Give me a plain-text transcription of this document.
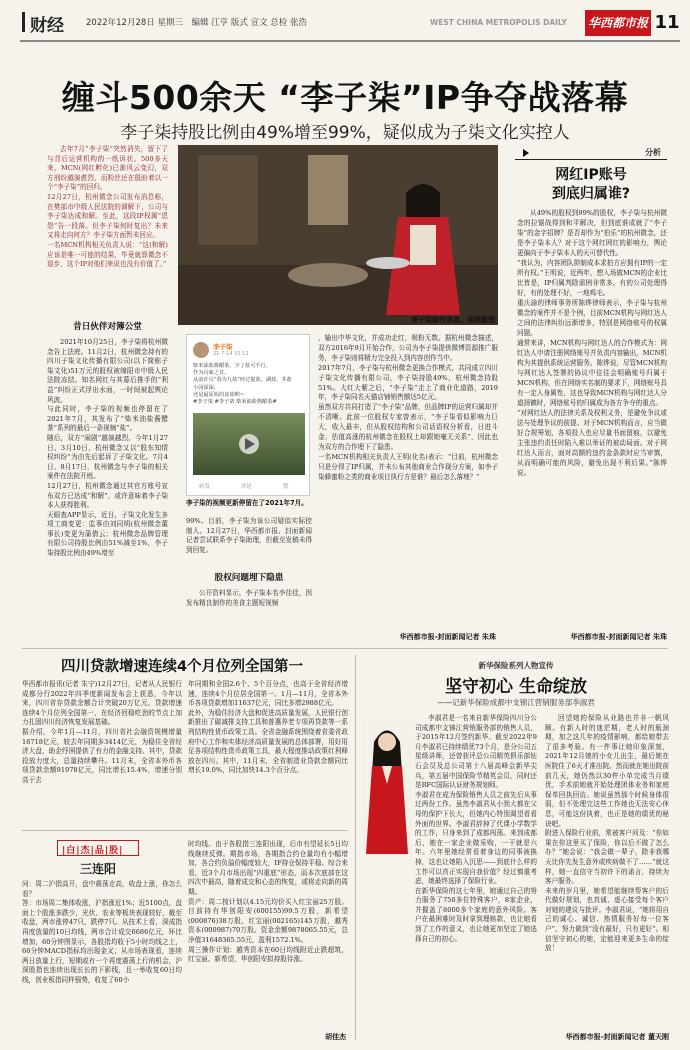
财经	2022年12月28日 星期三　编辑 江亨 版式 宣文 总检 张浩	WEST CHINA METROPOLIS DAILY 华西都市报 11
缠斗500余天 “李子柒”IP争夺战落幕
李子柒持股比例由49%增至99%，疑似成为子柒文化实控人
去年7月“李子柒”突然消失，留下了与背后运营机构的一纸诉状。500多天来，MCN(网红孵化)已渐风云变幻，双方刑纷越演愈烈，而粉丝还在殷盼着以一个“李子柒”的回归。
12月27日，杭州微念公司发布消息称，在樊部市中级人民法院的调解下，公司与李子柒达成和解。至此，这段IP权属“恩怨”告一段落。但李子柒何时复出？未来又将走向何方？李子柒方面暂未回应。
一名MCN机构相关负责人说：“这(和解)应该是唯一可能的结果，毕竟就算微念不退步，这个IP对他们来说也没有价值了。”
昔日伙伴对簿公堂
2021年10月25日，李子柒将杭州微念告上法庭。11月2日，杭州微念持有的四川子柒文化传播有限公司(以下简称子柒文化)51万元的股权被绵阳市中级人民法院冻结。知名网红与其幕后推手的“利益”纠纷正式浮出水面，一时间被起舆论风波。
与此同时，李子柒的视频也停留在了2021年7月，其发布了“柴米油盐酱醋茶”系列的最后一条视频“盐”。
随后，双方“闹剧”越演越烈。今年1月27日、3月10日，杭州微念又以“股东知情权纠纷”为由先后起诉了子柒文化。7月4日、8月17日，杭州微念与李子柒的相关案件在法院开庭。
12月27日，杭州微念通过其官方账号宣布双方已达成“和解”，或许意味着李子柒本人获得胜利。
天眼查APP显示，近日，子柒文化发生多项工商变更：监事由刘同明(杭州微念董事长)变更为蒲倩云；杭州微念品牌管理有限公司持股比例由51%减至1%，李子柒持股比例由49%增至
李子柒制作美食。视频截图
李子柒
21-7-14 15:12
柴米油盐酱醋茶，少了盐可不行。
作为百味之首，
从前许尽“春为九盐”经过提盐，湖盐，井盐
小园深深，
还是最原始的食盐哟~
#李子柒 #李子柒 柴米油盐酱醋茶#
转发	评论	赞
李子柒的视频更新停留在了2021年7月。
99%。目前，李子柒为该公司疑似实际控制人。12月27日，华西都市报、封面新闻记者尝试联系李子柒助理，但截至发稿未得到回复。
股权问题埋下隐患
公开资料显示，李子柒本名李佳佳，因发布精良制作的美食主题短视频
，输出中华文化，并成功走红，吸粉无数。据杭州微念描述，双方2016年9月开始合作，公司为李子柒提供微博资源推广服务，李子柒则将精力完全投入到内容创作当中。
2017年7月，李子柒与杭州微念更换合作模式，共同成立四川子柒文化传播有限公司，李子柒持股49%，杭州微念持股51%。大红大紫之后，“李子柒”走上了商业化道路，2019年，李子柒同名天猫店铺销售额达5亿元。
虽然双方共同打造了“李子柒”品牌，但品牌IP的运营归属却并不清晰。此前一位股权专家曾表示，“李子柒看似影响力巨大，收入最丰，但从股权结构和公司话语权分析看，日进斗金、估值高涨的杭州微念在股权上却跟她毫无关系”，因此也为双方的合作埋下了隐患。
一名MCN机构相关负责人王明(化名)表示：“目前，杭州微念只是分得了IP归属，并未公布其他商业合作现分方案，如李子柒蜂蜜粉之类的商业项目执行方是谁？最后怎么落地？”
华西都市报-封面新闻记者 朱珠
分析
网红IP账号
到底归属谁?
从49%的股权到99%的股权，李子柒与杭州微念的拉锯战得到和平解决，但到底谁成就了“李子柒”的金字招牌？是否却作为“伯乐”的杭州微念，还是李子柒本人？对于这个网红网红的影响力，舆论更偏向于李子柒本人的天可替代性。
“我认为，内容团队抑制成本求拍方应拥有IP的一定所有权。”王明说，近两年，想入场做MCN的企业比比皆是，IP归属判除需例非常多，有的公司处理得好，有的处理不好，一地鸡毛。
重庆渝的律师事务所陈烨律师表示，李子柒与杭州微念的案件并不是个例，目前MCN机构与网红达人之间的法律纠纷远渐增多，特别是网络账号的权属问题。
通常来讲，MCN机构与网红达人的合作模式为：网红达人申请注册网络账号并负责内容输出，MCN机构为其提供系统运营服务。陈烨说，尽管MCN机构与网红达人签署的协议中往往会明确账号归属于MCN机构，但在网络实名制的要求下，网络账号具有一定人身属性，这也导致MCN机构与网红达人分道扬镳时，网络账号的归属成为各方争夺的重点。
“对网红达人的法律关系及权利义务，是避免争议或法与处理争议的前提。对于MCN机构而言，应当做好合规筹划，各项投入也应尽量书面留痕，以避免主张违约责任时陷入难以举证的被动局面。对于网红达人而言，面对高额的违约金条款时应当审慎，从而明确可能的风险，避免出现不利后果。”陈烨说。
华西都市报-封面新闻记者 朱珠
四川贷款增速连续4个月位列全国第一
华西都市报讯(记者 朱宁)12月27日，记者从人民银行成都分行2022年四季度新闻发布会上获悉，今年以来，四川省存贷款余额合计突破20万亿元，贷款增速连续4个月位列全国第一，在经济回稳吃劲的节点上加力扎固四川经济恢复发展基础。
据介绍，今年1月—11月，四川省社会融资规模增量16718亿元，较去年同期多3414亿元，为稳住全省经济大盘，助企纾困提供了有力的金融支持。其中，贷款投放力度大，总量持续攀升。11月末，全省本外币各项贷款余额91978亿元，同比增长15.4%，增速分别高于去
年同期和全国2.6个、5个百分点，也高于全省经济增速，连续4个月位居全国第一。1月—11月，全省本外币各项贷款增加11637亿元，同比多增2988亿元。
此外，为稳住经济大盘和促进高质量发展，人民银行创新推出了碳减排支持工具和普惠养老专项再贷款等一系列结构性货币政策工具。全省金融系统围绕着省委省政府中心工作和实体经济高质量发展的总体部署，用好用足各项结构性货币政策工具，最大程度推动政策红利释放在四川。其中，11月末，全省制造业贷款余额同比增长19.0%，同比加快14.3个百分点。
|白|杰|品|股|
三连阳
问：周二沪指高开，盘中震荡走高，收盘上涨，你怎么看？
答：市场周二集体收涨，沪指涨近1%；近5100点，盘面上个股涨多跌少，光伏、农业等板块表现较好，截至收盘，两市涨停47只，跌停7只。从技术上看，深成指再度放量的10日均线，两市合计成交6686亿元，环比增加，60分钟图显示，各股指均收于5小时均线之上，60分钟MACD指标均出现金叉；从市场表现看，连续两日放量上行，短期或有一个再度震荡上行的机会，沪深股指也连续出现长长的下影线，且一举收复60日均线，创业板指同样强势，收复了60小
时均线。由于各股指三连阳出现，后市有望延长5日均线继续反弹。期指市场，各期指合约仓量均有小幅增加，各合约负溢价幅度较大，IF持仓保持平稳。综合来看，近3个月市场出现“四重底”形态，而本次底部在这四次中最高，随着成交和心态的恢复，或将走向新的周期。
资产：周二按计划以4.15元均价买入红宝丽25万股。目前持有华创阳安(600155)99.5万股，新希望(000876)38万股，红宝丽(002165)145万股，越秀资本(000987)70万股。资金余额9878065.55元，总净值31648365.55元，盈利1572.1%。
周三操作计划：越秀资本在60日均线附近止跌超筑，红宝丽、新希望，华创阳安拟持股待涨。
胡佳杰
新华保险系列人物宣传
坚守初心 生命绽放
——记新华保险成都中支锦江营销服务部李淑君
李淑君是一名来自新华保险四川分公司成都中支锦江营销服务部的销售人员，于2015年12月签约新华。截至2022年9月李淑君已持续绩优73个月，是分公司五星级讲师，还曾获评总公司精英俱乐部钻石会员及总公司第十八届高峰会新华尖兵，第五届中国保险节精英会员，同时还是RFC国际认证财务规划师。
李淑君在成为保险销售人员之前先后从事过两份工作。虽然李淑君从小到大都在父母的保护下长大，但她内心特别渴望看看外面的世界。李淑君辞掉了代课小学数学的工作，只身来到了成都闯荡。来到成都后，她在一家企业做采购，一干就是六年。六年里她经常看着身边的同事被换掉，这也让她陷入沉思——到底什么样的工作可以真正实现自我价值？经过慎重考虑，她最终选择了保险行业。
在新华保险的这七年里，她通过自己的努力服务了750多位特殊客户，8家企业，并握盖了8000多个家庭的意外风险。客户在最困难时及时拿到理赔款，也让她看到了工作的意义，也让她更加坚定了她选择自己的初心。
回望她的保险从业路也并非一帆风顺。有新人时的迷茫期，老人时的瓶颈期，加之这几年的疫情影响，都给她带去了很多考验。有一件事让她印象深刻，2021年12月她的小女儿出生，最后她在医院住了6天才准出院。然而就在她出院前前几天，她仍然以30件小单完成当月绩优，手术前她就开始处理团体业务和家庭保单回执回访。她说虽然那个时候身体很弱，但不处理完这些工作她也无法安心休息，可能这份执着，也正是她的绩优的秘诀吧。
附进入保险行业前，常被客户问及：“你如果在你这里买了保险，你以后不做了怎么办？”她会说：“我会做一辈子，除非我哪天比你先发生意外或疾病做不了……”就这样，她一直信守当初许下的诺言，持续为客户服务。
未来的岁月里，她希望能继续帮客户的后代做好规划，也真诚、虚心接受每个客户对她的建议与批评。李淑君说，“她将用自己的诚心、诚信、热情服务好每一位客户”，努力做到“没有最好，只有更好”。相信坚守初心的她，定能迎来更多生命的绽放！
华西都市报-封面新闻记者 董天刚
